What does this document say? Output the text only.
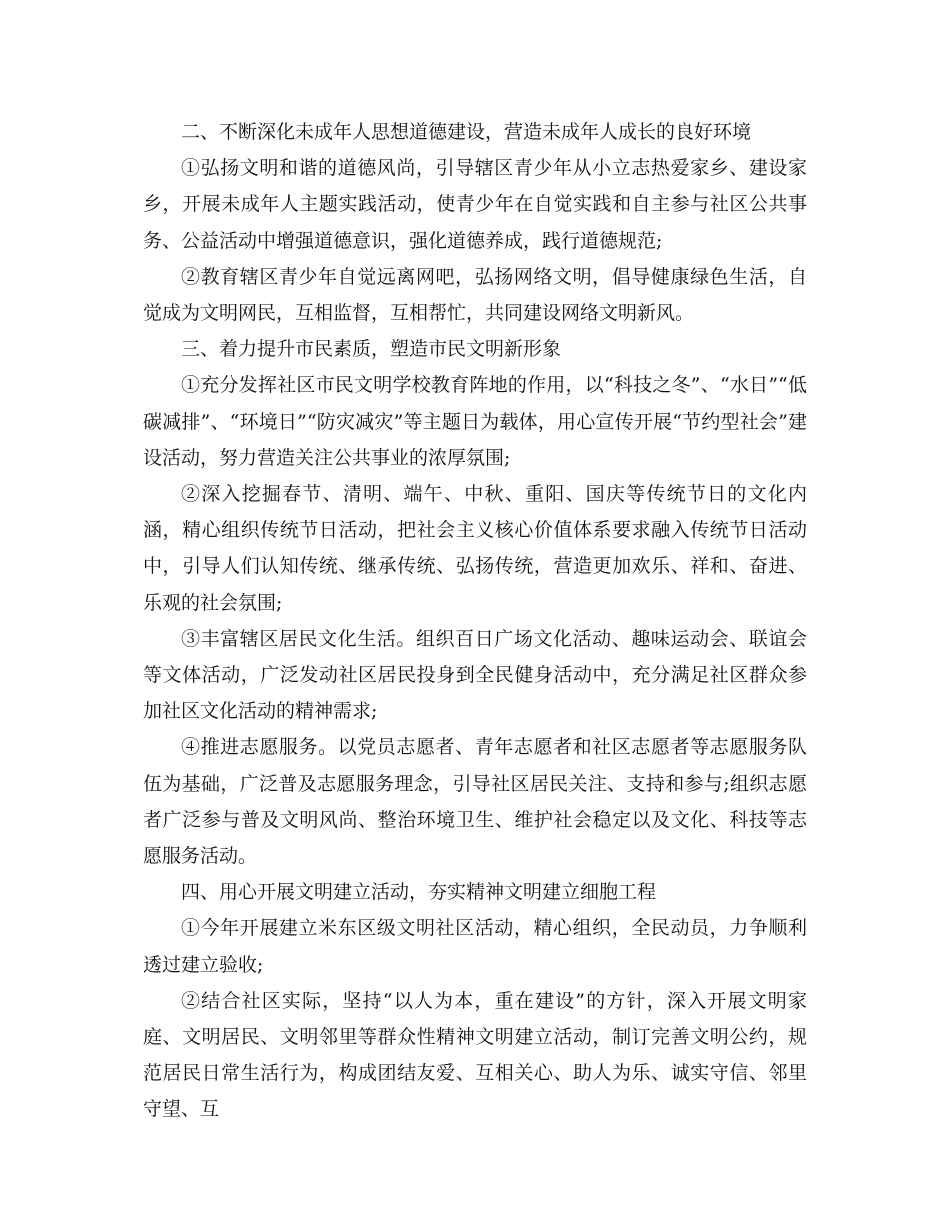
二、不断深化未成年人思想道德建设，营造未成年人成长的良好环境

①弘扬文明和谐的道德风尚，引导辖区青少年从小立志热爱家乡、建设家乡，开展未成年人主题实践活动，使青少年在自觉实践和自主参与社区公共事务、公益活动中增强道德意识，强化道德养成，践行道德规范;

②教育辖区青少年自觉远离网吧，弘扬网络文明，倡导健康绿色生活，自觉成为文明网民，互相监督，互相帮忙，共同建设网络文明新风。

三、着力提升市民素质，塑造市民文明新形象

①充分发挥社区市民文明学校教育阵地的作用，以“科技之冬”、“水日”“低碳减排”、“环境日”“防灾减灾”等主题日为载体，用心宣传开展“节约型社会”建设活动，努力营造关注公共事业的浓厚氛围;

②深入挖掘春节、清明、端午、中秋、重阳、国庆等传统节日的文化内涵，精心组织传统节日活动，把社会主义核心价值体系要求融入传统节日活动中，引导人们认知传统、继承传统、弘扬传统，营造更加欢乐、祥和、奋进、乐观的社会氛围;

③丰富辖区居民文化生活。组织百日广场文化活动、趣味运动会、联谊会等文体活动，广泛发动社区居民投身到全民健身活动中，充分满足社区群众参加社区文化活动的精神需求;

④推进志愿服务。以党员志愿者、青年志愿者和社区志愿者等志愿服务队伍为基础，广泛普及志愿服务理念，引导社区居民关注、支持和参与;组织志愿者广泛参与普及文明风尚、整治环境卫生、维护社会稳定以及文化、科技等志愿服务活动。

四、用心开展文明建立活动，夯实精神文明建立细胞工程

①今年开展建立米东区级文明社区活动，精心组织，全民动员，力争顺利透过建立验收;

②结合社区实际，坚持“以人为本，重在建设”的方针，深入开展文明家庭、文明居民、文明邻里等群众性精神文明建立活动，制订完善文明公约，规范居民日常生活行为，构成团结友爱、互相关心、助人为乐、诚实守信、邻里守望、互
